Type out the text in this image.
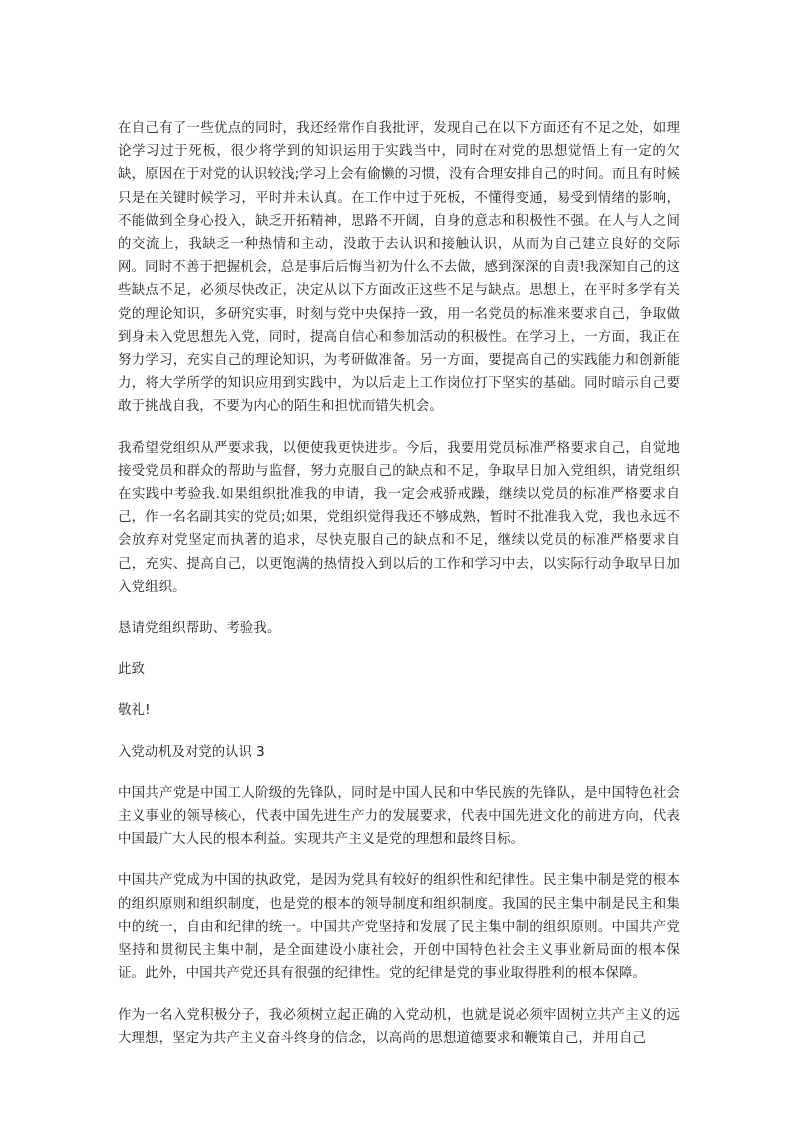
在自己有了一些优点的同时，我还经常作自我批评，发现自己在以下方面还有不足之处，如理论学习过于死板，很少将学到的知识运用于实践当中，同时在对党的思想觉悟上有一定的欠缺，原因在于对党的认识较浅;学习上会有偷懒的习惯，没有合理安排自己的时间。而且有时候只是在关键时候学习，平时并未认真。在工作中过于死板，不懂得变通，易受到情绪的影响，不能做到全身心投入，缺乏开拓精神，思路不开阔，自身的意志和积极性不强。在人与人之间的交流上，我缺乏一种热情和主动，没敢于去认识和接触认识，从而为自己建立良好的交际网。同时不善于把握机会，总是事后后悔当初为什么不去做，感到深深的自责!我深知自己的这些缺点不足，必须尽快改正，决定从以下方面改正这些不足与缺点。思想上，在平时多学有关党的理论知识，多研究实事，时刻与党中央保持一致，用一名党员的标准来要求自己，争取做到身未入党思想先入党，同时，提高自信心和参加活动的积极性。在学习上，一方面，我正在努力学习，充实自己的理论知识，为考研做准备。另一方面，要提高自己的实践能力和创新能力，将大学所学的知识应用到实践中，为以后走上工作岗位打下坚实的基础。同时暗示自己要敢于挑战自我，不要为内心的陌生和担忧而错失机会。

我希望党组织从严要求我，以便使我更快进步。今后，我要用党员标准严格要求自己，自觉地接受党员和群众的帮助与监督，努力克服自己的缺点和不足，争取早日加入党组织，请党组织在实践中考验我.如果组织批准我的申请，我一定会戒骄戒躁，继续以党员的标准严格要求自己，作一名名副其实的党员;如果，党组织觉得我还不够成熟，暂时不批准我入党，我也永远不会放弃对党坚定而执著的追求，尽快克服自己的缺点和不足，继续以党员的标准严格要求自己，充实、提高自己，以更饱满的热情投入到以后的工作和学习中去，以实际行动争取早日加入党组织。

恳请党组织帮助、考验我。

此致

敬礼!

入党动机及对党的认识 3

中国共产党是中国工人阶级的先锋队，同时是中国人民和中华民族的先锋队，是中国特色社会主义事业的领导核心，代表中国先进生产力的发展要求，代表中国先进文化的前进方向，代表中国最广大人民的根本利益。实现共产主义是党的理想和最终目标。

中国共产党成为中国的执政党，是因为党具有较好的组织性和纪律性。民主集中制是党的根本的组织原则和组织制度，也是党的根本的领导制度和组织制度。我国的民主集中制是民主和集中的统一，自由和纪律的统一。中国共产党坚持和发展了民主集中制的组织原则。中国共产党坚持和贯彻民主集中制，是全面建设小康社会，开创中国特色社会主义事业新局面的根本保证。此外，中国共产党还具有很强的纪律性。党的纪律是党的事业取得胜利的根本保障。

作为一名入党积极分子，我必须树立起正确的入党动机，也就是说必须牢固树立共产主义的远大理想，坚定为共产主义奋斗终身的信念，以高尚的思想道德要求和鞭策自己，并用自己
